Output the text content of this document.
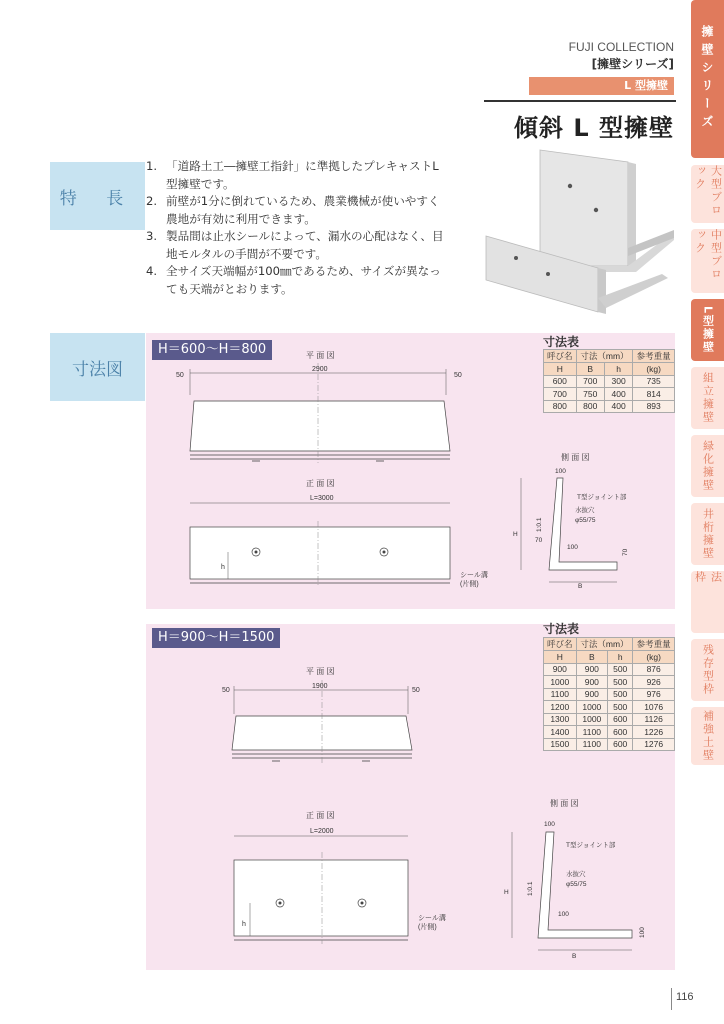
擁壁シリーズ
大型ブロック
中型ブロック
L型擁壁
組立擁壁
緑化擁壁
井桁擁壁
法 枠
残存型枠
補強土壁
FUJI COLLECTION
[擁壁シリーズ]
L 型擁壁
傾斜 L 型擁壁
特 長
1. 「道路土工―擁壁工指針」に準拠したプレキャストL型擁壁です。
2. 前壁が1分に倒れているため、農業機械が使いやすく農地が有効に利用できます。
3. 製品間は止水シールによって、漏水の心配はなく、目地モルタルの手間が不要です。
4. 全サイズ天端幅が100㎜であるため、サイズが異なっても天端がとおります。
寸法図
H＝600～H＝800	平 面 図
50
2900
50
正 面 図
L=3000
h
シール溝
(片側)
側 面 図
100
T型ジョイント部
水抜穴
φ55/75
1:0.1
H
70
100
70
B
寸法表
呼び名	寸法（mm）		参考重量
H	B	h	(kg)
600	700	300	735
700	750	400	814
800	800	400	893
H＝900～H＝1500
平 面 図
50
1900
50
正 面 図
L=2000
h
シール溝
(片側)
側 面 図
100
T型ジョイント部
水抜穴
φ55/75
1:0.1
H
100
100
B
寸法表
呼び名	寸法（mm）		参考重量
H	B	h	(kg)
900	900	500	876
1000	900	500	926
1100	900	500	976
1200	1000	500	1076
1300	1000	600	1126
1400	1100	600	1226
1500	1100	600	1276
116
